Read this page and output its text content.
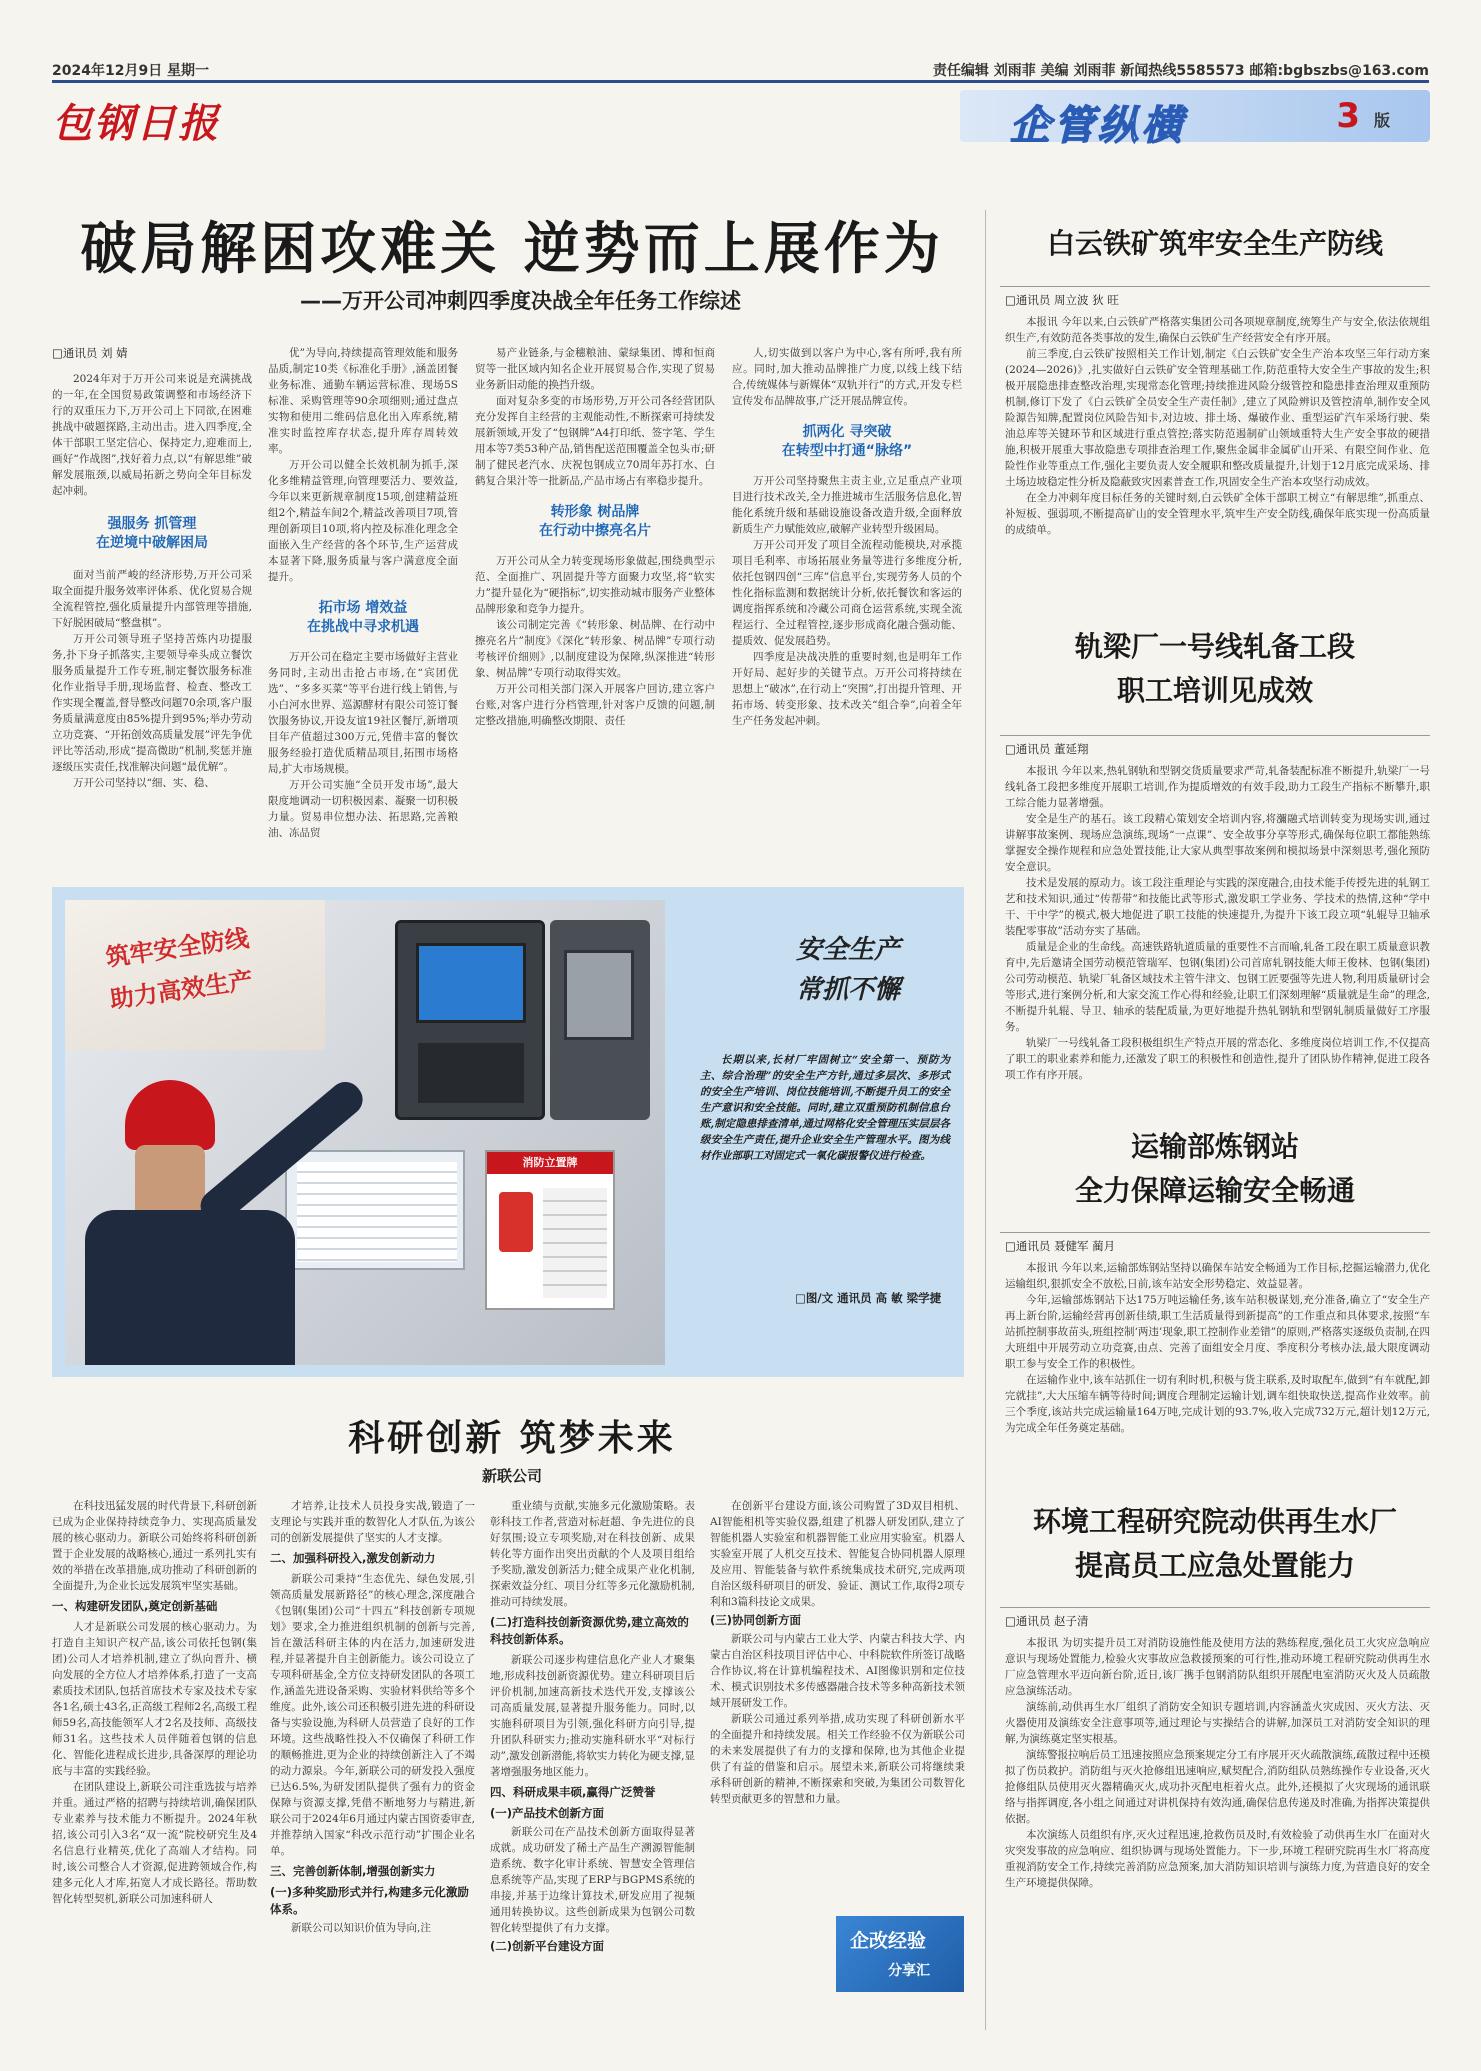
2024年12月9日 星期一	责任编辑 刘雨菲 美编 刘雨菲 新闻热线5585573 邮箱:bgbszbs@163.com
包钢日报	企管纵横	3 版
破局解困攻难关 逆势而上展作为
——万开公司冲刺四季度决战全年任务工作综述
□通讯员 刘 婧

2024年对于万开公司来说是充满挑战的一年,在全国贸易政策调整和市场经济下行的双重压力下,万开公司上下同欲,在困难挑战中破题探路,主动出击。进入四季度,全体干部职工坚定信心、保持定力,迎难而上,画好“作战图”,找好着力点,以“有解思维”破解发展瓶颈,以威局拓新之势向全年目标发起冲刺。

强服务 抓管理
在逆境中破解困局

面对当前严峻的经济形势,万开公司采取全面提升服务效率评体系、优化贸易合规全流程管控,强化质量提升内部管理等措施,下好脱困破局“整盘棋”。

万开公司领导班子坚持苦炼内功提服务,扑下身子抓落实,主要领导牵头成立餐饮服务质量提升工作专班,制定餐饮服务标准化作业指导手册,现场监督、检查、整改工作实现全覆盖,督导整改问题70余项,客户服务质量满意度由85%提升到95%;举办劳动立功竞赛、“开拓创效高质量发展”评先争优评比等活动,形成“提高微助”机制,奖惩并施逐级压实责任,找准解决问题“最优解”。

万开公司坚持以“细、实、稳、

优”为导向,持续提高管理效能和服务品质,制定10类《标准化手册》,涵盖团餐业务标准、通勤车辆运营标准、现场5S标准、采购管理等90余项细则;通过盘点实物和使用二维码信息化出入库系统,精准实时监控库存状态,提升库存周转效率。

万开公司以健全长效机制为抓手,深化多维精益管理,向管理要活力、要效益,今年以来更新规章制度15项,创建精益班组2个,精益车间2个,精益改善项目7项,管理创新项目10项,将内控及标准化理念全面嵌入生产经营的各个环节,生产运营成本显著下降,服务质量与客户满意度全面提升。

拓市场 增效益
在挑战中寻求机遇

万开公司在稳定主要市场做好主营业务同时,主动出击抢占市场,在“宾团优选”、“多多买菜”等平台进行线上销售,与小白河水世界、巡源酵材有限公司签订餐饮服务协议,开设友谊19社区餐厅,新增项目年产值超过300万元,凭借丰富的餐饮服务经验打造优质精品项目,拓围市场格局,扩大市场规模。

万开公司实施“全员开发市场”,最大限度地调动一切积极因素、凝聚一切积极力量。贸易串位想办法、拓思路,完善粮油、冻品贸

易产业链条,与金穗粮油、蒙绿集团、博和恒商贸等一批区域内知名企业开展贸易合作,实现了贸易业务新旧动能的换挡升级。

面对复杂多变的市场形势,万开公司各经营团队充分发挥自主经营的主观能动性,不断探索可持续发展新领域,开发了“包钢牌”A4打印纸、签字笔、学生用本等7类53种产品,销售配送范围覆盖全包头市;研制了健民老汽水、庆祝包钢成立70周年苏打水、白鹤复合果汁等一批新品,产品市场占有率稳步提升。

转形象 树品牌
在行动中擦亮名片

万开公司从全力转变现场形象做起,围绕典型示范、全面推广、巩固提升等方面聚力攻坚,将“软实力”提升显化为“硬指标”,切实推动城市服务产业整体品牌形象和竞争力提升。

该公司制定完善《“转形象、树品牌、在行动中擦亮名片”制度》《深化“转形象、树品牌”专项行动考核评价细则》,以制度建设为保障,纵深推进“转形象、树品牌”专项行动取得实效。

万开公司相关部门深入开展客户回访,建立客户台账,对客户进行分档管理,针对客户反馈的问题,制定整改措施,明确整改期限、责任

人,切实做到以客户为中心,客有所呼,我有所应。同时,加大推动品牌推广力度,以线上线下结合,传统媒体与新媒体“双轨并行”的方式,开发专栏宣传发布品牌故事,广泛开展品牌宣传。

抓两化 寻突破
在转型中打通“脉络”

万开公司坚持聚焦主责主业,立足重点产业项目进行技术改关,全力推进城市生活服务信息化,智能化系统升级和基础设施设备改造升级,全面释放新质生产力赋能效应,破解产业转型升级困局。

万开公司开发了项目全流程动能模块,对承揽项目毛利率、市场拓展业务量等进行多维度分析,依托包钢四创“三库”信息平台,实现劳务人员的个性化指标监测和数据统计分析,依托餐饮和客运的调度指挥系统和冷藏公司商仓运营系统,实现全流程运行、全过程管控,逐步形成商化融合强动能、提质效、促发展趋势。

四季度是决战决胜的重要时刻,也是明年工作开好局、起好步的关键节点。万开公司将持续在思想上“破冰”,在行动上“突围”,打出提升管理、开拓市场、转变形象、技术改关“组合拳”,向着全年生产任务发起冲刺。

筑牢安全防线
助力高效生产
消防立置牌
安全生产
常抓不懈

长期以来,长材厂牢固树立“安全第一、预防为主、综合治理”的安全生产方针,通过多层次、多形式的安全生产培训、岗位技能培训,不断提升员工的安全生产意识和安全技能。同时,建立双重预防机制信息台账,制定隐患排查清单,通过网格化安全管理压实层层各级安全生产责任,提升企业安全生产管理水平。图为线材作业部职工对固定式一氧化碳报警仪进行检查。

□图/文 通讯员 高 敏 梁学捷
科研创新 筑梦未来
新联公司

在科技迅猛发展的时代背景下,科研创新已成为企业保持持续竞争力、实现高质量发展的核心驱动力。新联公司始终将科研创新置于企业发展的战略核心,通过一系列扎实有效的举措在改革措施,成功推动了科研创新的全面提升,为企业长远发展筑牢坚实基础。

一、构建研发团队,奠定创新基础

人才是新联公司发展的核心驱动力。为打造自主知识产权产品,该公司依托包钢(集团)公司人才培养机制,建立了纵向晋升、横向发展的全方位人才培养体系,打造了一支高素质技术团队,包括首席技术专家及技术专家各1名,硕士43名,正高级工程师2名,高级工程师59名,高技能领军人才2名及技师、高级技师31名。这些技术人员伴随着包钢的信息化、智能化进程成长进步,具备深厚的理论功底与丰富的实践经验。

在团队建设上,新联公司注重选拔与培养并重。通过严格的招聘与持续培训,确保团队专业素养与技术能力不断提升。2024年秋招,该公司引入3名“双一流”院校研究生及4名信息行业精英,优化了高端人才结构。同时,该公司整合人才资源,促进跨领域合作,构建多元化人才库,拓宽人才成长路径。帮助数智化转型契机,新联公司加速科研人

才培养,让技术人员投身实战,锻造了一支理论与实践并重的数智化人才队伍,为该公司的创新发展提供了坚实的人才支撑。

二、加强科研投入,激发创新动力

新联公司秉持“生态优先、绿色发展,引领高质量发展新路径”的核心理念,深度融合《包钢(集团)公司“十四五”科技创新专项规划》要求,全力推进组织机制的创新与完善,旨在激活科研主体的内在活力,加速研发进程,并显著提升自主创新能力。该公司设立了专项科研基金,全方位支持研发团队的各项工作,涵盖先进设备采购、实验材料供给等多个维度。此外,该公司还积极引进先进的科研设备与实验设施,为科研人员营造了良好的工作环境。这些战略性投入不仅确保了科研工作的顺畅推进,更为企业的持续创新注入了不竭的动力源泉。今年,新联公司的研发投入强度已达6.5%,为研发团队提供了强有力的资金保障与资源支撑,凭借不断地努力与精进,新联公司于2024年6月通过内蒙古国资委审查,并推荐纳入国家“科改示范行动”扩围企业名单。

三、完善创新体制,增强创新实力
(一)多种奖励形式并行,构建多元化激励体系。

新联公司以知识价值为导向,注

重业绩与贡献,实施多元化激励策略。表彰科技工作者,营造对标赶超、争先进位的良好氛围;设立专项奖励,对在科技创新、成果转化等方面作出突出贡献的个人及项目组给予奖励,激发创新活力;健全成果产业化机制,探索效益分红、项目分红等多元化激励机制,推动可持续发展。

(二)打造科技创新资源优势,建立高效的科技创新体系。

新联公司逐步构建信息化产业人才聚集地,形成科技创新资源优势。建立科研项目后评价机制,加速高新技术迭代开发,支撑该公司高质量发展,显著提升服务能力。同时,以实施科研项目为引领,强化科研方向引导,提升团队科研实力;推动实施科研水平“对标行动”,激发创新潜能,将软实力转化为硬支撑,显著增强服务地区能力。

四、科研成果丰硕,赢得广泛赞誉
(一)产品技术创新方面

新联公司在产品技术创新方面取得显著成就。成功研发了稀土产品生产溯源智能制造系统、数字化审计系统、智慧安全管理信息系统等产品,实现了ERP与BGPMS系统的串接,并基于边缘计算技术,研发应用了视频通用转换协议。这些创新成果为包钢公司数智化转型提供了有力支撑。

(二)创新平台建设方面

在创新平台建设方面,该公司购置了3D双目相机、AI智能相机等实验仪器,组建了机器人研发团队,建立了智能机器人实验室和机器智能工业应用实验室。机器人实验室开展了人机交互技术、智能复合协同机器人原理及应用、智能装备与软件系统集成技术研究,完成两项自治区级科研项目的研发、验证、测试工作,取得2项专利和3篇科技论文成果。

(三)协同创新方面

新联公司与内蒙古工业大学、内蒙古科技大学、内蒙古自治区科技项目评估中心、中科院软件所签订战略合作协议,将在计算机编程技术、AI图像识别和定位技术、模式识别技术多传感器融合技术等多种高新技术领域开展研发工作。

新联公司通过系列举措,成功实现了科研创新水平的全面提升和持续发展。相关工作经验不仅为新联公司的未来发展提供了有力的支撑和保障,也为其他企业提供了有益的借鉴和启示。展望未来,新联公司将继续秉承科研创新的精神,不断探索和突破,为集团公司数智化转型贡献更多的智慧和力量。

企改经验
分享汇
白云铁矿筑牢安全生产防线
□通讯员 周立波 狄 旺

本报讯 今年以来,白云铁矿严格落实集团公司各项规章制度,统筹生产与安全,依法依规组织生产,有效防范各类事故的发生,确保白云铁矿生产经营安全有序开展。

前三季度,白云铁矿按照相关工作计划,制定《白云铁矿安全生产治本攻坚三年行动方案(2024—2026)》,扎实做好白云铁矿安全管理基础工作,防范重特大安全生产事故的发生;积极开展隐患排查整改治理,实现常态化管理;持续推进风险分级管控和隐患排查治理双重预防机制,修订下发了《白云铁矿全员安全生产责任制》,建立了风险辨识及管控清单,制作安全风险源告知牌,配置岗位风险告知卡,对边坡、排土场、爆破作业、重型运矿汽车采场行驶、柴油总库等关键环节和区域进行重点管控;落实防范遏制矿山领域重特大生产安全事故的硬措施,积极开展重大事故隐患专项排查治理工作,聚焦金属非金属矿山开采、有限空间作业、危险性作业等重点工作,强化主要负责人安全履职和整改质量提升,计划于12月底完成采场、排土场边坡稳定性分析及隐蔽致灾因素普查工作,巩固安全生产治本攻坚行动成效。

在全力冲刺年度目标任务的关键时刻,白云铁矿全体干部职工树立“有解思维”,抓重点、补短板、强弱项,不断提高矿山的安全管理水平,筑牢生产安全防线,确保年底实现一份高质量的成绩单。

轨梁厂一号线轧备工段
职工培训见成效
□通讯员 董延翔

本报讯 今年以来,热轧钢轨和型钢交货质量要求严苛,轧备装配标准不断提升,轨梁厂一号线轧备工段把多维度开展职工培训,作为提质增效的有效手段,助力工段生产指标不断攀升,职工综合能力显著增强。

安全是生产的基石。该工段精心策划安全培训内容,将瀰融式培训转变为现场实训,通过讲解事故案例、现场应急演练,现场“一点课”、安全故事分享等形式,确保每位职工都能熟练掌握安全操作规程和应急处置技能,让大家从典型事故案例和模拟场景中深刻思考,强化预防安全意识。

技术是发展的原动力。该工段注重理论与实践的深度融合,由技术能手传授先进的轧钢工艺和技术知识,通过“传帮带”和技能比武等形式,激发职工学业务、学技术的热情,这种“学中干、干中学”的模式,极大地促进了职工技能的快速提升,为提升下该工段立项“轧辊导卫轴承装配零事故”活动夯实了基础。

质量是企业的生命线。高速铁路轨道质量的重要性不言而喻,轧备工段在职工质量意识教育中,先后邀请全国劳动模范管瑞军、包钢(集团)公司首席轧钢技能大师王俊林、包钢(集团)公司劳动模范、轨梁厂轧备区域技术主管牛津文、包钢工匠要强等先进人物,利用质量研讨会等形式,进行案例分析,和大家交流工作心得和经验,让职工们深刻理解“质量就是生命”的理念,不断提升轧辊、导卫、轴承的装配质量,为更好地提升热轧钢轨和型钢轧制质量做好工序服务。

轨梁厂一号线轧备工段积极组织生产特点开展的常态化、多维度岗位培训工作,不仅提高了职工的职业素养和能力,还激发了职工的积极性和创造性,提升了团队协作精神,促进工段各项工作有序开展。

运输部炼钢站
全力保障运输安全畅通
□通讯员 聂健军 蔺月

本报讯 今年以来,运输部炼钢站坚持以确保车站安全畅通为工作目标,挖掘运输潜力,优化运输组织,狠抓安全不放松,日前,该车站安全形势稳定、效益显著。

今年,运输部炼钢站下达175万吨运输任务,该车站积极谋划,充分准备,确立了“安全生产再上新台阶,运输经营再创新佳绩,职工生活质量得到新提高”的工作重点和具体要求,按照“车站抓控制事故苗头,班组控制‘两违’现象,职工控制作业差错”的原则,严格落实逐级负责制,在四大班组中开展劳动立功竞赛,由点、完善了面组安全月度、季度积分考核办法,最大限度调动职工参与安全工作的积极性。

在运输作业中,该车站抓住一切有利时机,积极与货主联系,及时取配车,做到“有车就配,卸完就挂”,大大压缩车辆等待时间;调度合理制定运输计划,调车组快取快送,提高作业效率。前三个季度,该站共完成运输量164万吨,完成计划的93.7%,收入完成732万元,超计划12万元,为完成全年任务奠定基础。

环境工程研究院动供再生水厂
提高员工应急处置能力
□通讯员 赵子清

本报讯 为切实提升员工对消防设施性能及使用方法的熟练程度,强化员工火灾应急响应意识与现场处置能力,检验火灾事故应急救援预案的可行性,推动环境工程研究院动供再生水厂应急管理水平迈向新台阶,近日,该厂携手包钢消防队组织开展配电室消防灭火及人员疏散应急演练活动。

演练前,动供再生水厂组织了消防安全知识专题培训,内容涵盖火灾成因、灭火方法、灭火器使用及演练安全注意事项等,通过理论与实操结合的讲解,加深员工对消防安全知识的理解,为演练奠定坚实根基。

演练警报拉响后员工迅速按照应急预案规定分工有序展开灭火疏散演练,疏散过程中还模拟了伤员救护。消防组与灭火抢修组迅速响应,赋契配合,消防组队员熟练操作专业设备,灭火抢修组队员使用灭火器精确灭火,成功扑灭配电柜着火点。此外,还模拟了火灾现场的通讯联络与指挥调度,各小组之间通过对讲机保持有效沟通,确保信息传递及时准确,为指挥决策提供依据。

本次演练人员组织有序,灭火过程迅速,抢救伤员及时,有效检验了动供再生水厂在面对火灾突发事故的应急响应、组织协调与现场处置能力。下一步,环境工程研究院再生水厂将高度重视消防安全工作,持续完善消防应急预案,加大消防知识培训与演练力度,为营造良好的安全生产环境提供保障。
